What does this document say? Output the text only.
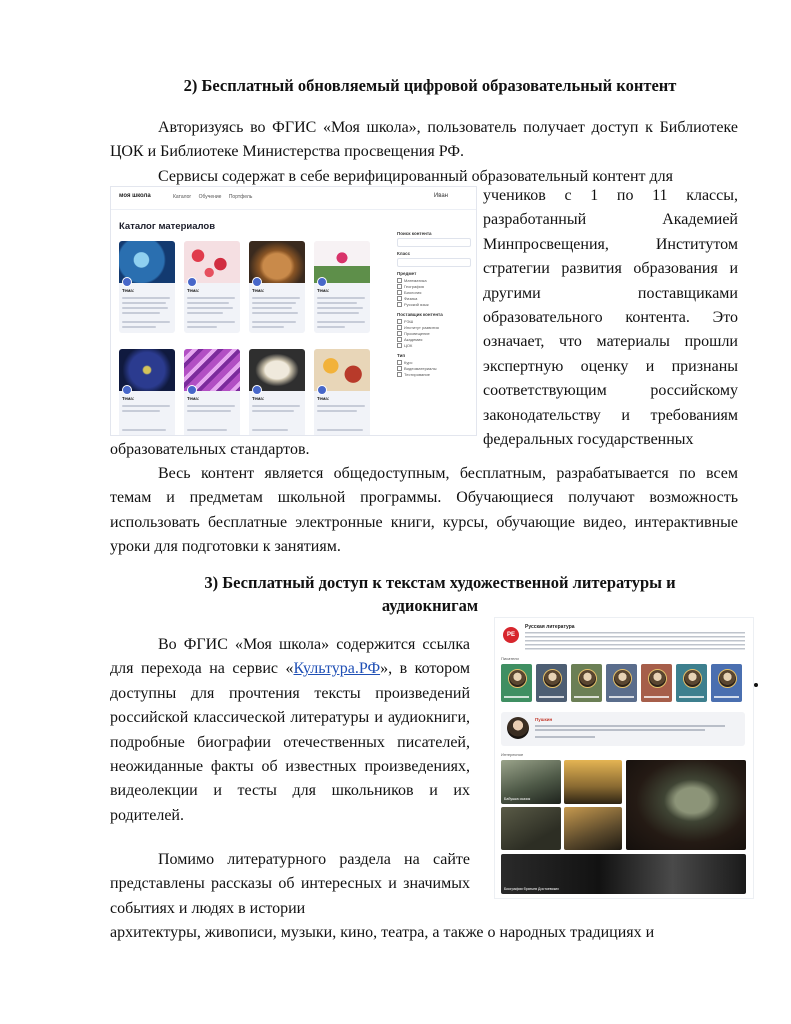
2) Бесплатный обновляемый цифровой образовательный контент

Авторизуясь во ФГИС «Моя школа», пользователь получает доступ к Библиотеке ЦОК и Библиотеке Министерства просвещения РФ.

Сервисы содержат в себе верифицированный образовательный контент для

моя школа	Каталог Обучение Портфель	Иван
Каталог материалов
Тема:	Тема:	Тема:	Тема:
Тема:	Тема:	Тема:	Тема:
Поиск контента
Класс
Предмет
Математика
География
Биология
Физика
Русский язык
Поставщик контента
РЭШ
Институт развития
Просвещение
Академия
ЦОК
Тип
Курс
Видеоматериалы
Тестирование

учеников с 1 по 11 классы, разработанный Академией Минпросвещения, Институтом стратегии развития образования и другими поставщиками образовательного контента. Это означает, что материалы прошли экспертную оценку и признаны соответствующим российскому законодательству и требованиям федеральных государственных

образовательных стандартов.

Весь контент является общедоступным, бесплатным, разрабатывается по всем темам и предметам школьной программы. Обучающиеся получают возможность использовать бесплатные электронные книги, курсы, обучающие видео, интерактивные уроки для подготовки к занятиям.

3) Бесплатный доступ к текстам художественной литературы и
аудиокнигам

Во ФГИС «Моя школа» содержится ссылка для перехода на сервис «Культура.РФ», в котором доступны для прочтения тексты произведений российской классической литературы и аудиокниги, подробные биографии отечественных писателей, неожиданные факты об известных произведениях, видеолекции и тесты для школьников и их родителей.

Помимо литературного раздела на сайте представлены рассказы об интересных и значимых событиях и людях в истории

архитектуры, живописи, музыки, кино, театра, а также о народных традициях и

РЕ
Русская литература
Писатели
Пушкин
Интересное
Бабушка сказок
Биографии братьев Достоевских
